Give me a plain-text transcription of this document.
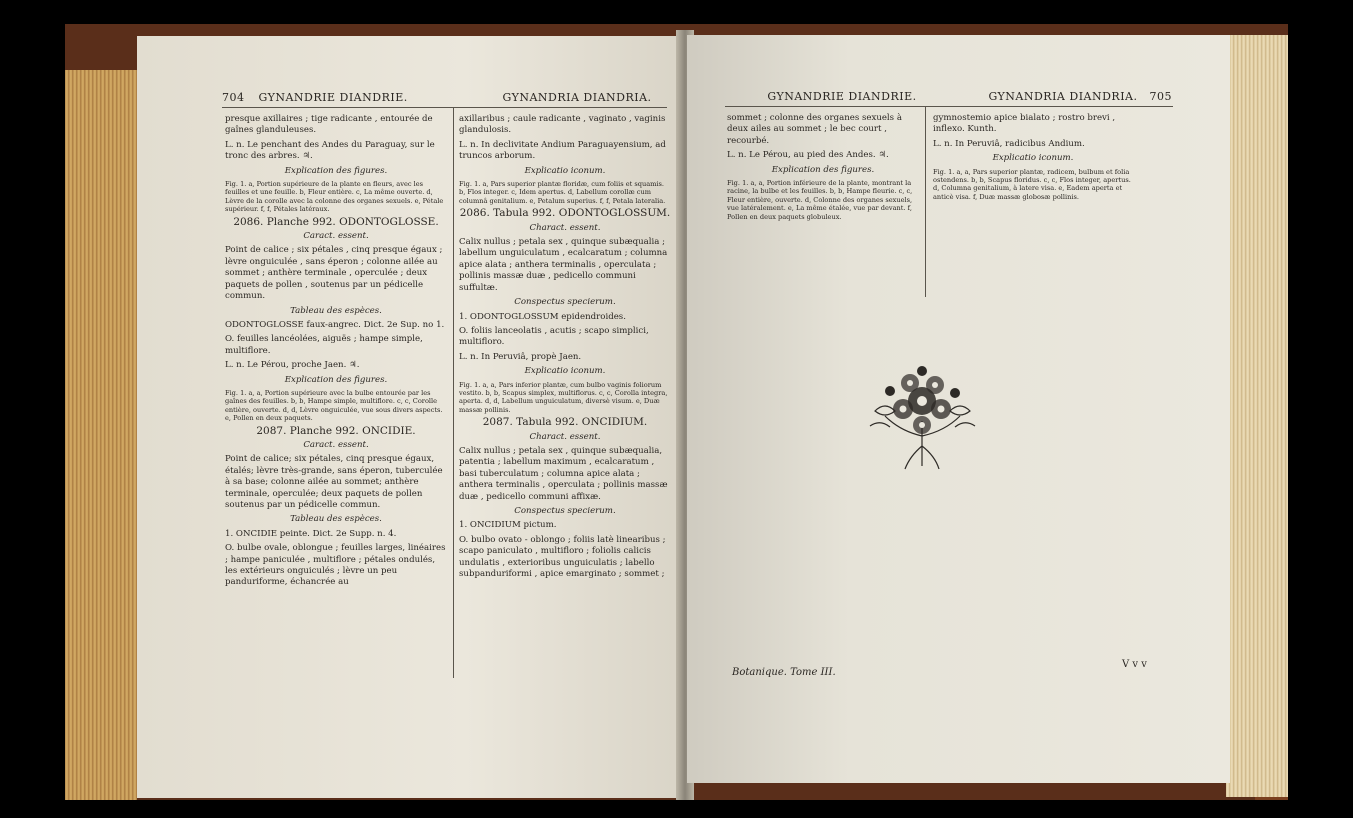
704 GYNANDRIE DIANDRIE.	GYNANDRIA DIANDRIA.

presque axillaires ; tige radicante , entourée de gaînes glanduleuses.

L. n. Le penchant des Andes du Paraguay, sur le tronc des arbres. ♃.

Explication des figures.

Fig. 1. a, Portion supérieure de la plante en fleurs, avec les feuilles et une feuille. b, Fleur entière. c, La même ouverte. d, Lèvre de la corolle avec la colonne des organes sexuels. e, Pétale supérieur. f, f, Pétales latéraux.

2086. Planche 992. ODONTOGLOSSE.

Caract. essent.

Point de calice ; six pétales , cinq presque égaux ; lèvre onguiculée , sans éperon ; colonne ailée au sommet ; anthère terminale , operculée ; deux paquets de pollen , soutenus par un pédicelle commun.

Tableau des espèces.

ODONTOGLOSSE faux-angrec. Dict. 2e Sup. no 1.

O. feuilles lancéolées, aiguës ; hampe simple, multiflore.

L. n. Le Pérou, proche Jaen. ♃.

Explication des figures.

Fig. 1. a, a, Portion supérieure avec la bulbe entourée par les gaînes des feuilles. b, b, Hampe simple, multiflore. c, c, Corolle entière, ouverte. d, d, Lèvre onguiculée, vue sous divers aspects. e, Pollen en deux paquets.

2087. Planche 992. ONCIDIE.

Caract. essent.

Point de calice; six pétales, cinq presque égaux, étalés; lèvre très-grande, sans éperon, tuberculée à sa base; colonne ailée au sommet; anthère terminale, operculée; deux paquets de pollen soutenus par un pédicelle commun.

Tableau des espèces.

1. ONCIDIE peinte. Dict. 2e Supp. n. 4.

O. bulbe ovale, oblongue ; feuilles larges, linéaires ; hampe paniculée , multiflore ; pétales ondulés, les extérieurs onguiculés ; lèvre un peu panduriforme, échancrée au

axillaribus ; caule radicante , vaginato , vaginis glandulosis.

L. n. In declivitate Andium Paraguayensium, ad truncos arborum.

Explicatio iconum.

Fig. 1. a, Pars superior plantæ floridæ, cum foliis et squamis. b, Flos integer. c, Idem apertus. d, Labellum corollæ cum columnâ genitalium. e, Petalum superius. f, f, Petala lateralia.

2086. Tabula 992. ODONTOGLOSSUM.

Charact. essent.

Calix nullus ; petala sex , quinque subæqualia ; labellum unguiculatum , ecalcaratum ; columna apice alata ; anthera terminalis , operculata ; pollinis massæ duæ , pedicello communi suffultæ.

Conspectus specierum.

1. ODONTOGLOSSUM epidendroides.

O. foliis lanceolatis , acutis ; scapo simplici, multifloro.

L. n. In Peruviâ, propè Jaen.

Explicatio iconum.

Fig. 1. a, a, Pars inferior plantæ, cum bulbo vaginis foliorum vestito. b, b, Scapus simplex, multiflorus. c, c, Corolla integra, aperta. d, d, Labellum unguiculatum, diversè visum. e, Duæ massæ pollinis.

2087. Tabula 992. ONCIDIUM.

Charact. essent.

Calix nullus ; petala sex , quinque subæqualia, patentia ; labellum maximum , ecalcaratum , basi tuberculatum ; columna apice alata ; anthera terminalis , operculata ; pollinis massæ duæ , pedicello communi affixæ.

Conspectus specierum.

1. ONCIDIUM pictum.

O. bulbo ovato - oblongo ; foliis latè linearibus ; scapo paniculato , multifloro ; foliolis calicis undulatis , exterioribus unguiculatis ; labello subpanduriformi , apice emarginato ; sommet ;

GYNANDRIE DIANDRIE.	GYNANDRIA DIANDRIA. 705

sommet ; colonne des organes sexuels à deux ailes au sommet ; le bec court , recourbé.

L. n. Le Pérou, au pied des Andes. ♃.

Explication des figures.

Fig. 1. a, a, Portion inférieure de la plante, montrant la racine, la bulbe et les feuilles. b, b, Hampe fleurie. c, c, Fleur entière, ouverte. d, Colonne des organes sexuels, vue latéralement. e, La même étalée, vue par devant. f, Pollen en deux paquets globuleux.

gymnostemio apice bialato ; rostro brevi , inflexo. Kunth.

L. n. In Peruviâ, radicibus Andium.

Explicatio iconum.

Fig. 1. a, a, Pars superior plantæ, radicem, bulbum et folia ostendens. b, b, Scapus floridus. c, c, Flos integer, apertus. d, Columna genitalium, à latere visa. e, Eadem aperta et anticè visa. f, Duæ massæ globosæ pollinis.

Botanique. Tome III.
V v v
